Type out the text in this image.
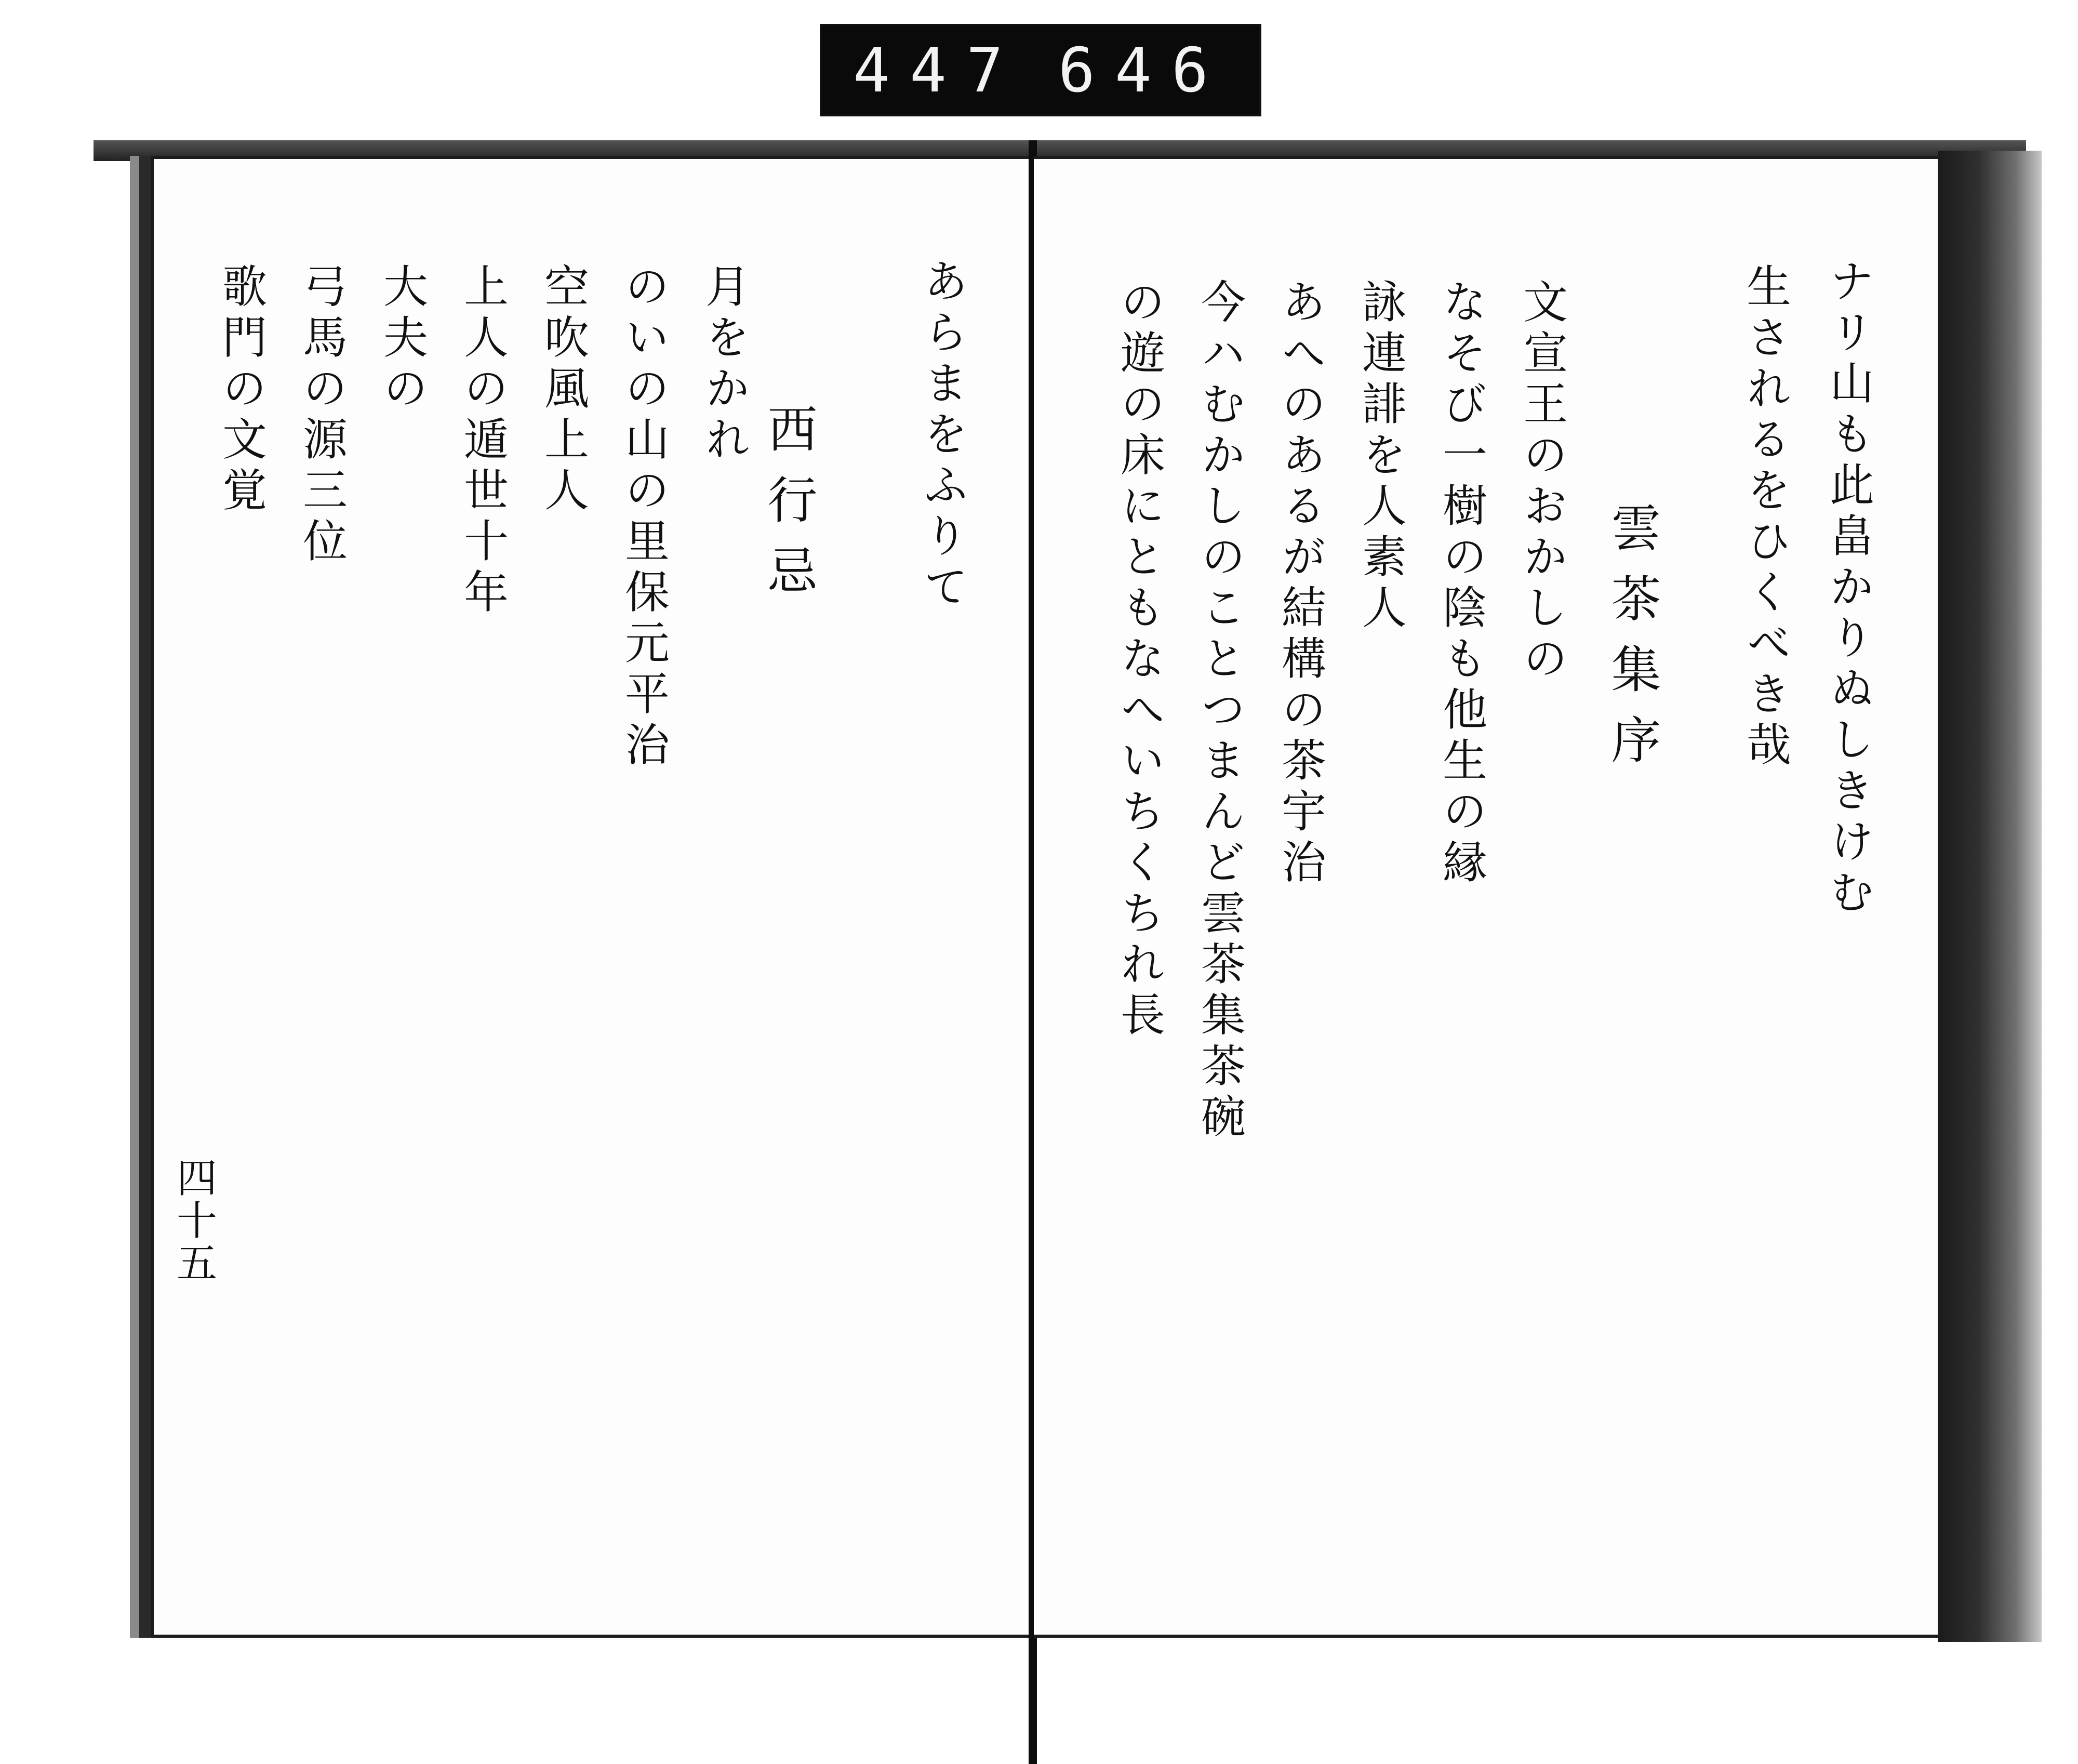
447 646
あらまをふりて
西行忌
月をかれ
のいの山の里保元平治
空吹風上人
上人の遁世十年
大夫の
弓馬の源三位
歌門の文覚
四十五
ナリ山も此畠かりぬしきけむ
生されるをひくべき哉
雲茶集序
文宣王のおかしの
なそび一樹の陰も他生の縁
詠連誹を人素人
あへのあるが結構の茶宇治
今ハむかしのことつまんど雲茶集茶碗
の遊の床にともなへいちくちれ長
